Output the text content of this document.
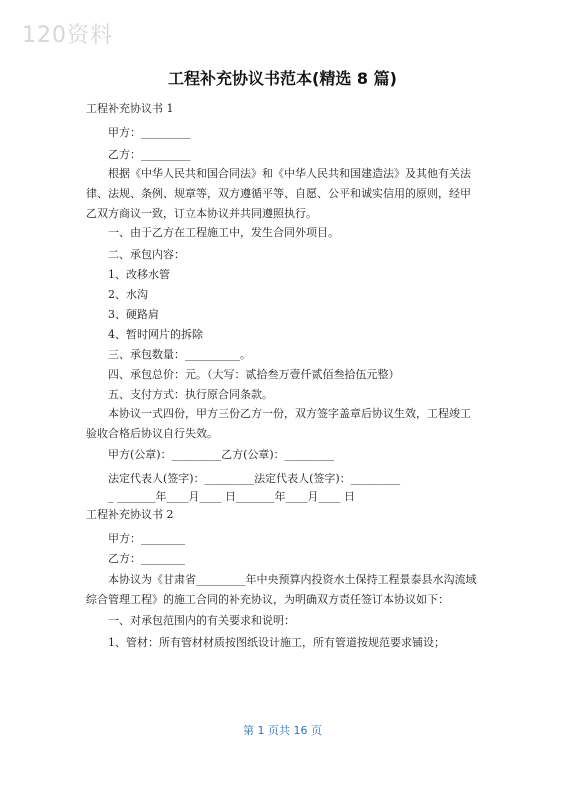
120资料
工程补充协议书范本(精选 8 篇)
工程补充协议书 1
甲方：_________
乙方：_________
根据《中华人民共和国合同法》和《中华人民共和国建造法》及其他有关法律、法规、条例、规章等，双方遵循平等、自愿、公平和诚实信用的原则，经甲乙双方商议一致，订立本协议并共同遵照执行。
一、由于乙方在工程施工中，发生合同外项目。
二、承包内容：
1、改移水管
2、水沟
3、硬路肩
4、暂时网片的拆除
三、承包数量：__________。
四、承包总价：元。（大写：贰拾叁万壹仟贰佰叁拾伍元整）
五、支付方式：执行原合同条款。
本协议一式四份，甲方三份乙方一份，双方签字盖章后协议生效，工程竣工验收合格后协议自行失效。
甲方(公章)：_________乙方(公章)：_________
法定代表人(签字)：_________法定代表人(签字)：_________
_ _______年____月____ 日_______年____月____ 日
工程补充协议书 2
甲方：________
乙方：________
本协议为《甘肃省_________年中央预算内投资水土保持工程景泰县水沟流域综合管理工程》的施工合同的补充协议，为明确双方责任签订本协议如下：
一、对承包范围内的有关要求和说明：
1、管材：所有管材材质按图纸设计施工，所有管道按规范要求铺设；
第 1 页共 16 页
